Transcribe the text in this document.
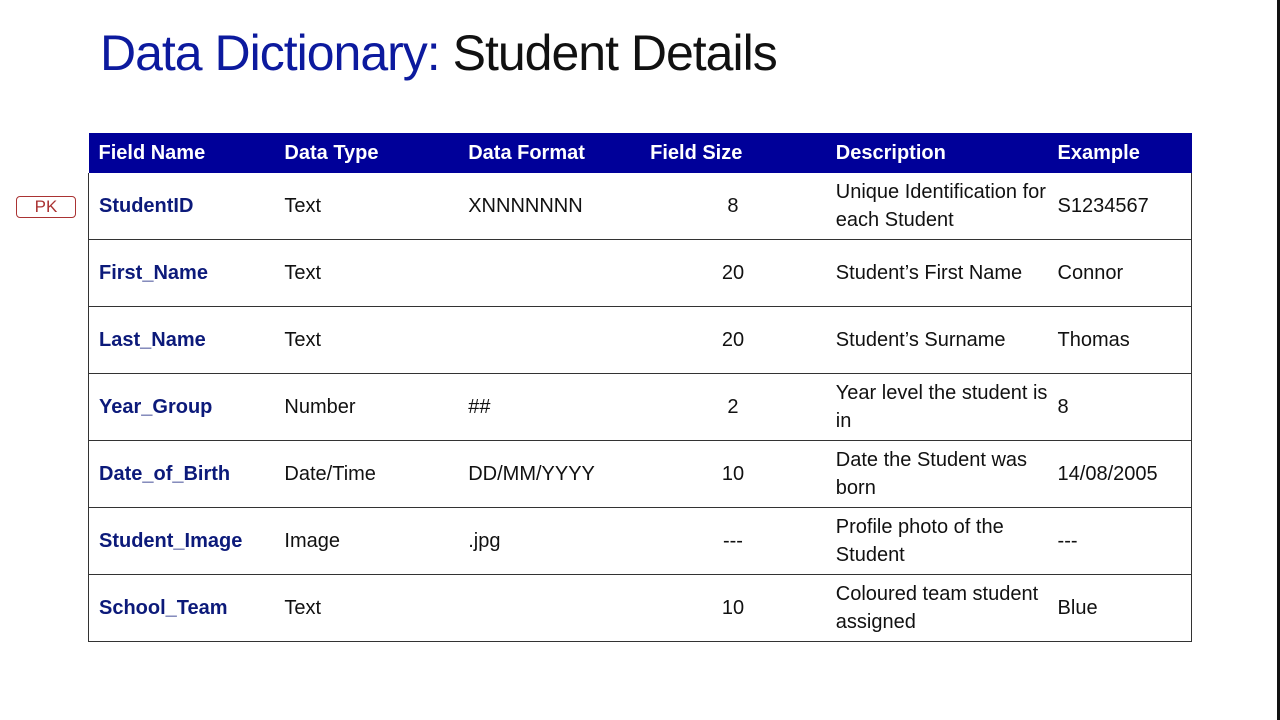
Data Dictionary: Student Details
PK
Field Name	Data Type	Data Format	Field Size	Description	Example
StudentID	Text	XNNNNNNN	8	Unique Identification for each Student	S1234567
First_Name	Text		20	Student’s First Name	Connor
Last_Name	Text		20	Student’s Surname	Thomas
Year_Group	Number	##	2	Year level the student is in	8
Date_of_Birth	Date/Time	DD/MM/YYYY	10	Date the Student was born	14/08/2005
Student_Image	Image	.jpg	---	Profile photo of the Student	---
School_Team	Text		10	Coloured team student assigned	Blue
